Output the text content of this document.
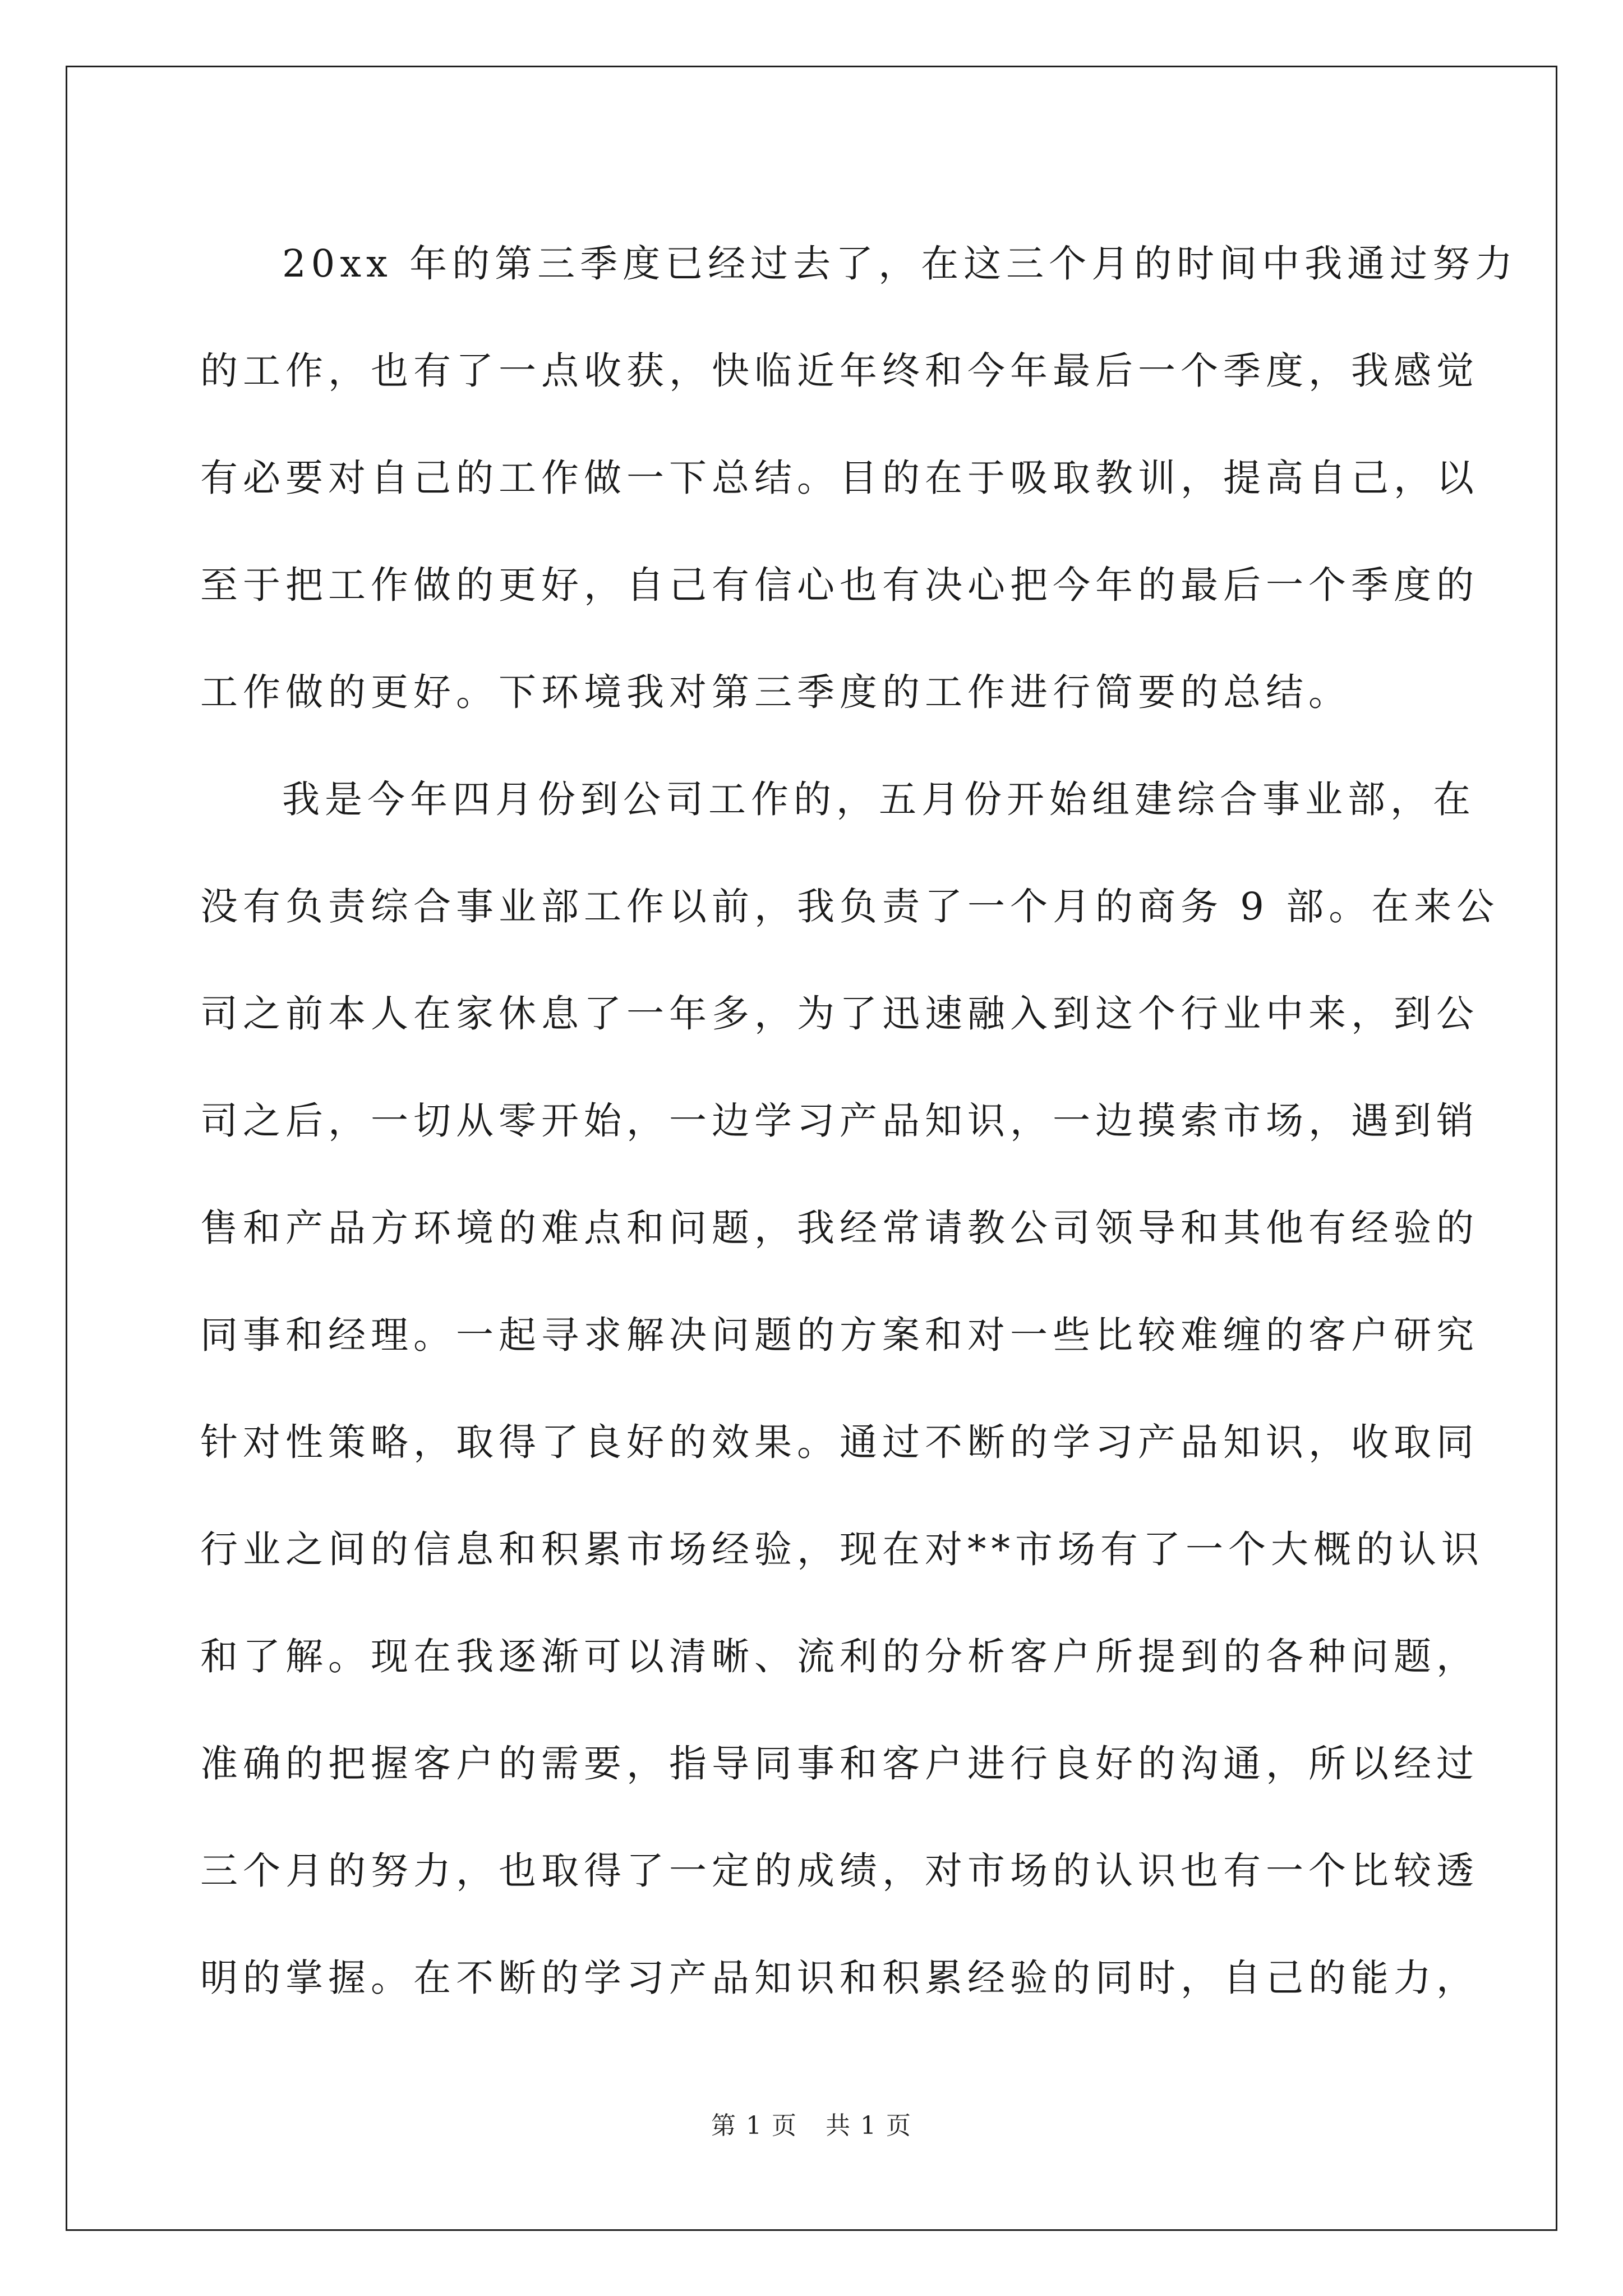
20xx 年的第三季度已经过去了，在这三个月的时间中我通过努力
的工作，也有了一点收获，快临近年终和今年最后一个季度，我感觉
有必要对自己的工作做一下总结。目的在于吸取教训，提高自己，以
至于把工作做的更好，自己有信心也有决心把今年的最后一个季度的
工作做的更好。下环境我对第三季度的工作进行简要的总结。
我是今年四月份到公司工作的，五月份开始组建综合事业部，在
没有负责综合事业部工作以前，我负责了一个月的商务 9 部。在来公
司之前本人在家休息了一年多，为了迅速融入到这个行业中来，到公
司之后，一切从零开始，一边学习产品知识，一边摸索市场，遇到销
售和产品方环境的难点和问题，我经常请教公司领导和其他有经验的
同事和经理。一起寻求解决问题的方案和对一些比较难缠的客户研究
针对性策略，取得了良好的效果。通过不断的学习产品知识，收取同
行业之间的信息和积累市场经验，现在对**市场有了一个大概的认识
和了解。现在我逐渐可以清晰、流利的分析客户所提到的各种问题，
准确的把握客户的需要，指导同事和客户进行良好的沟通，所以经过
三个月的努力，也取得了一定的成绩，对市场的认识也有一个比较透
明的掌握。在不断的学习产品知识和积累经验的同时，自己的能力，
第 1 页 共 1 页
